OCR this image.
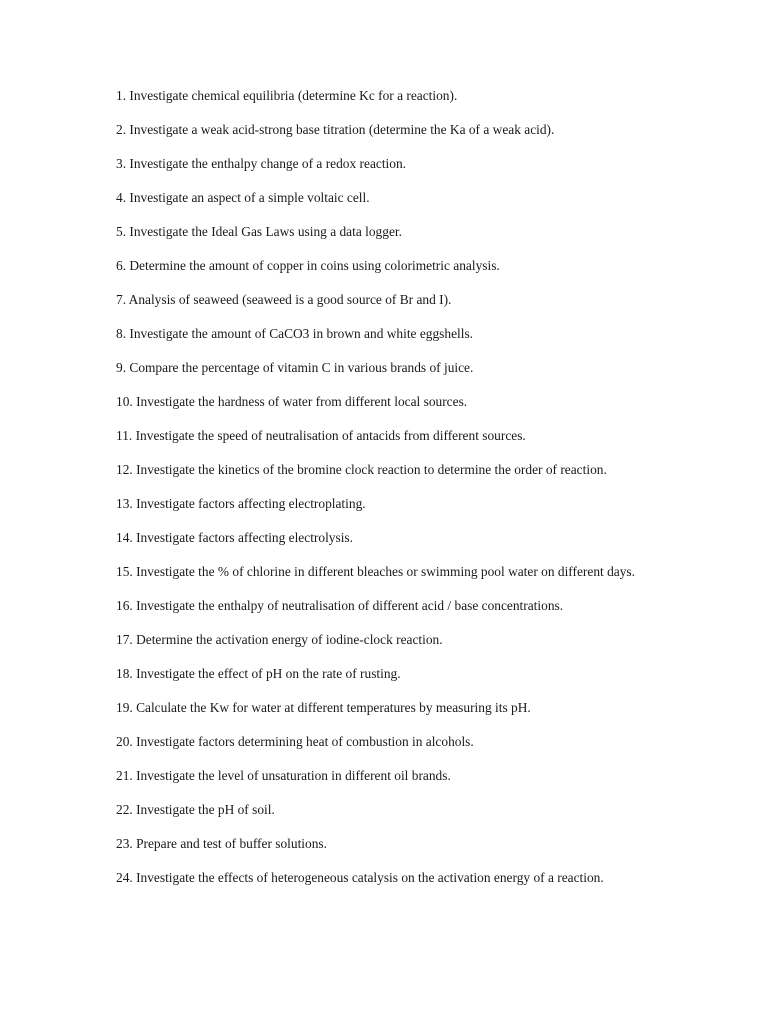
1. Investigate chemical equilibria (determine Kc for a reaction).
2. Investigate a weak acid-strong base titration (determine the Ka of a weak acid).
3. Investigate the enthalpy change of a redox reaction.
4. Investigate an aspect of a simple voltaic cell.
5. Investigate the Ideal Gas Laws using a data logger.
6. Determine the amount of copper in coins using colorimetric analysis.
7. Analysis of seaweed (seaweed is a good source of Br and I).
8. Investigate the amount of CaCO3 in brown and white eggshells.
9. Compare the percentage of vitamin C in various brands of juice.
10. Investigate the hardness of water from different local sources.
11. Investigate the speed of neutralisation of antacids from different sources.
12. Investigate the kinetics of the bromine clock reaction to determine the order of reaction.
13. Investigate factors affecting electroplating.
14. Investigate factors affecting electrolysis.
15. Investigate the % of chlorine in different bleaches or swimming pool water on different days.
16. Investigate the enthalpy of neutralisation of different acid / base concentrations.
17. Determine the activation energy of iodine-clock reaction.
18. Investigate the effect of pH on the rate of rusting.
19. Calculate the Kw for water at different temperatures by measuring its pH.
20. Investigate factors determining heat of combustion in alcohols.
21. Investigate the level of unsaturation in different oil brands.
22. Investigate the pH of soil.
23. Prepare and test of buffer solutions.
24. Investigate the effects of heterogeneous catalysis on the activation energy of a reaction.
